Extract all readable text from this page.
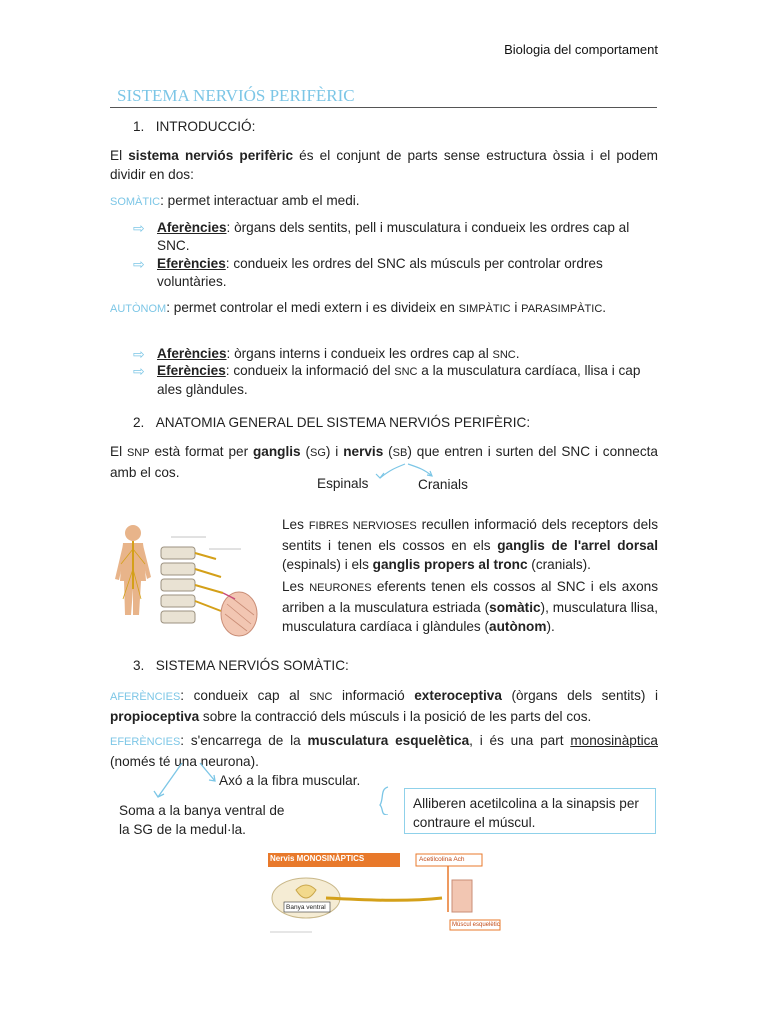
Biologia del comportament
SISTEMA NERVIÓS PERIFÈRIC
1. INTRODUCCIÓ:
El sistema nerviós perifèric és el conjunt de parts sense estructura òssia i el podem dividir en dos:
SOMÀTIC: permet interactuar amb el medi.
⇨ Aferències: òrgans dels sentits, pell i musculatura i condueix les ordres cap al SNC.
⇨ Eferències: condueix les ordres del SNC als músculs per controlar ordres voluntàries.
AUTÒNOM: permet controlar el medi extern i es divideix en SIMPÀTIC i PARASIMPÀTIC.
⇨ Aferències: òrgans interns i condueix les ordres cap al SNC.
⇨ Eferències: condueix la informació del SNC a la musculatura cardíaca, llisa i cap ales glàndules.
2. ANATOMIA GENERAL DEL SISTEMA NERVIÓS PERIFÈRIC:
El SNP està format per ganglis (SG) i nervis (SB) que entren i surten del SNC i connecta amb el cos.
Espinals	Cranials
Les FIBRES NERVIOSES recullen informació dels receptors dels sentits i tenen els cossos en els ganglis de l'arrel dorsal (espinals) i els ganglis propers al tronc (cranials).
Les NEURONES eferents tenen els cossos al SNC i els axons arriben a la musculatura estriada (somàtic), musculatura llisa, musculatura cardíaca i glàndules (autònom).
3. SISTEMA NERVIÓS SOMÀTIC:
AFERÈNCIES: condueix cap al SNC informació exteroceptiva (òrgans dels sentits) i propioceptiva sobre la contracció dels músculs i la posició de les parts del cos.
EFERÈNCIES: s'encarrega de la musculatura esquelètica, i és una part monosinàptica (només té una neurona).
Axó a la fibra muscular.
Soma a la banya ventral de la SG de la medul·la.
Alliberen acetilcolina a la sinapsis per contraure el múscul.
Nervis MONOSINÀPTICS	Acetilcolina Ach
Banya ventral
Múscul esquelètic
